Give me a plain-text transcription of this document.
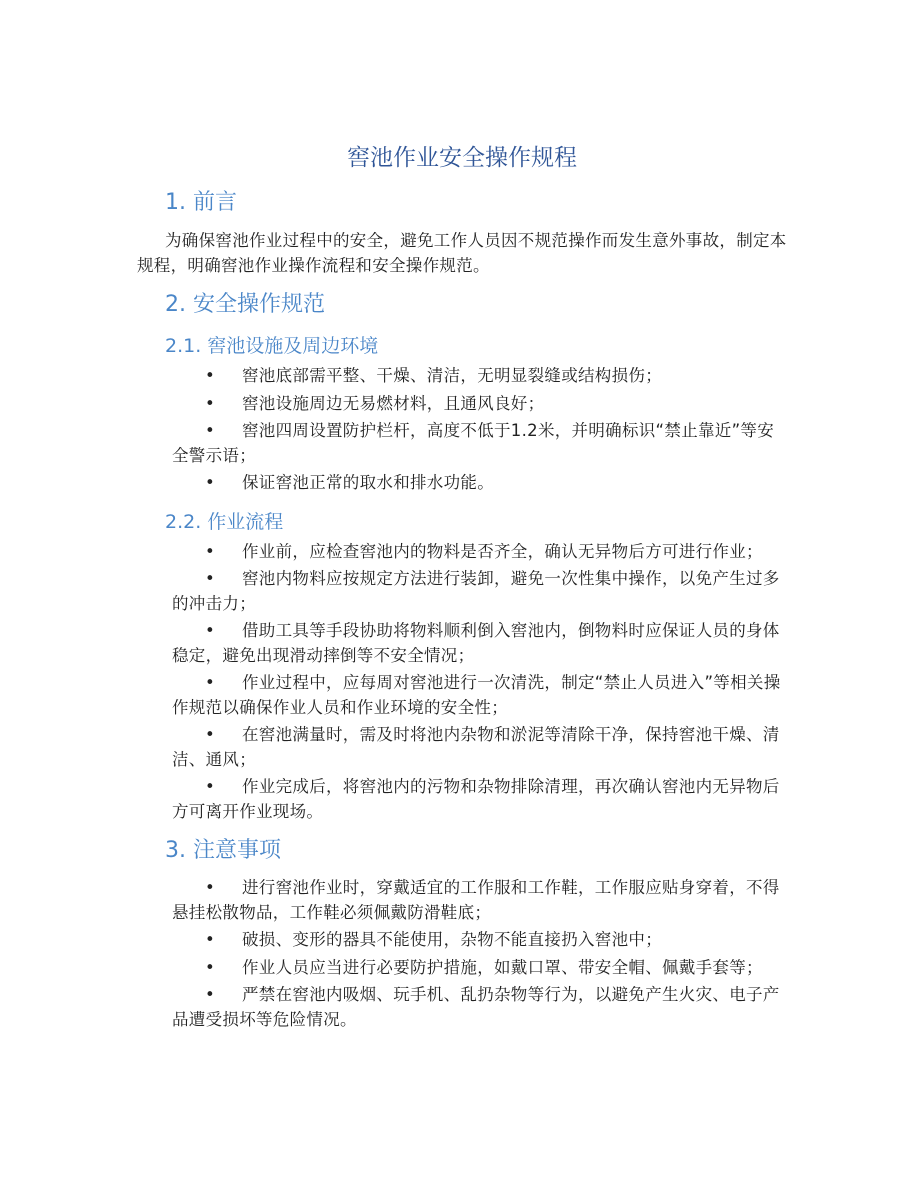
窖池作业安全操作规程
1. 前言

为确保窖池作业过程中的安全，避免工作人员因不规范操作而发生意外事故，制定本规程，明确窖池作业操作流程和安全操作规范。

2. 安全操作规范
2.1. 窖池设施及周边环境
• 窖池底部需平整、干燥、清洁，无明显裂缝或结构损伤；
• 窖池设施周边无易燃材料，且通风良好；
• 窖池四周设置防护栏杆，高度不低于1.2米，并明确标识“禁止靠近”等安全警示语；
• 保证窖池正常的取水和排水功能。
2.2. 作业流程
• 作业前，应检查窖池内的物料是否齐全，确认无异物后方可进行作业；
• 窖池内物料应按规定方法进行装卸，避免一次性集中操作，以免产生过多的冲击力；
• 借助工具等手段协助将物料顺利倒入窖池内，倒物料时应保证人员的身体稳定，避免出现滑动摔倒等不安全情况；
• 作业过程中，应每周对窖池进行一次清洗，制定“禁止人员进入”等相关操作规范以确保作业人员和作业环境的安全性；
• 在窖池满量时，需及时将池内杂物和淤泥等清除干净，保持窖池干燥、清洁、通风；
• 作业完成后，将窖池内的污物和杂物排除清理，再次确认窖池内无异物后方可离开作业现场。
3. 注意事项
• 进行窖池作业时，穿戴适宜的工作服和工作鞋，工作服应贴身穿着，不得悬挂松散物品，工作鞋必须佩戴防滑鞋底；
• 破损、变形的器具不能使用，杂物不能直接扔入窖池中；
• 作业人员应当进行必要防护措施，如戴口罩、带安全帽、佩戴手套等；
• 严禁在窖池内吸烟、玩手机、乱扔杂物等行为，以避免产生火灾、电子产品遭受损坏等危险情况。
